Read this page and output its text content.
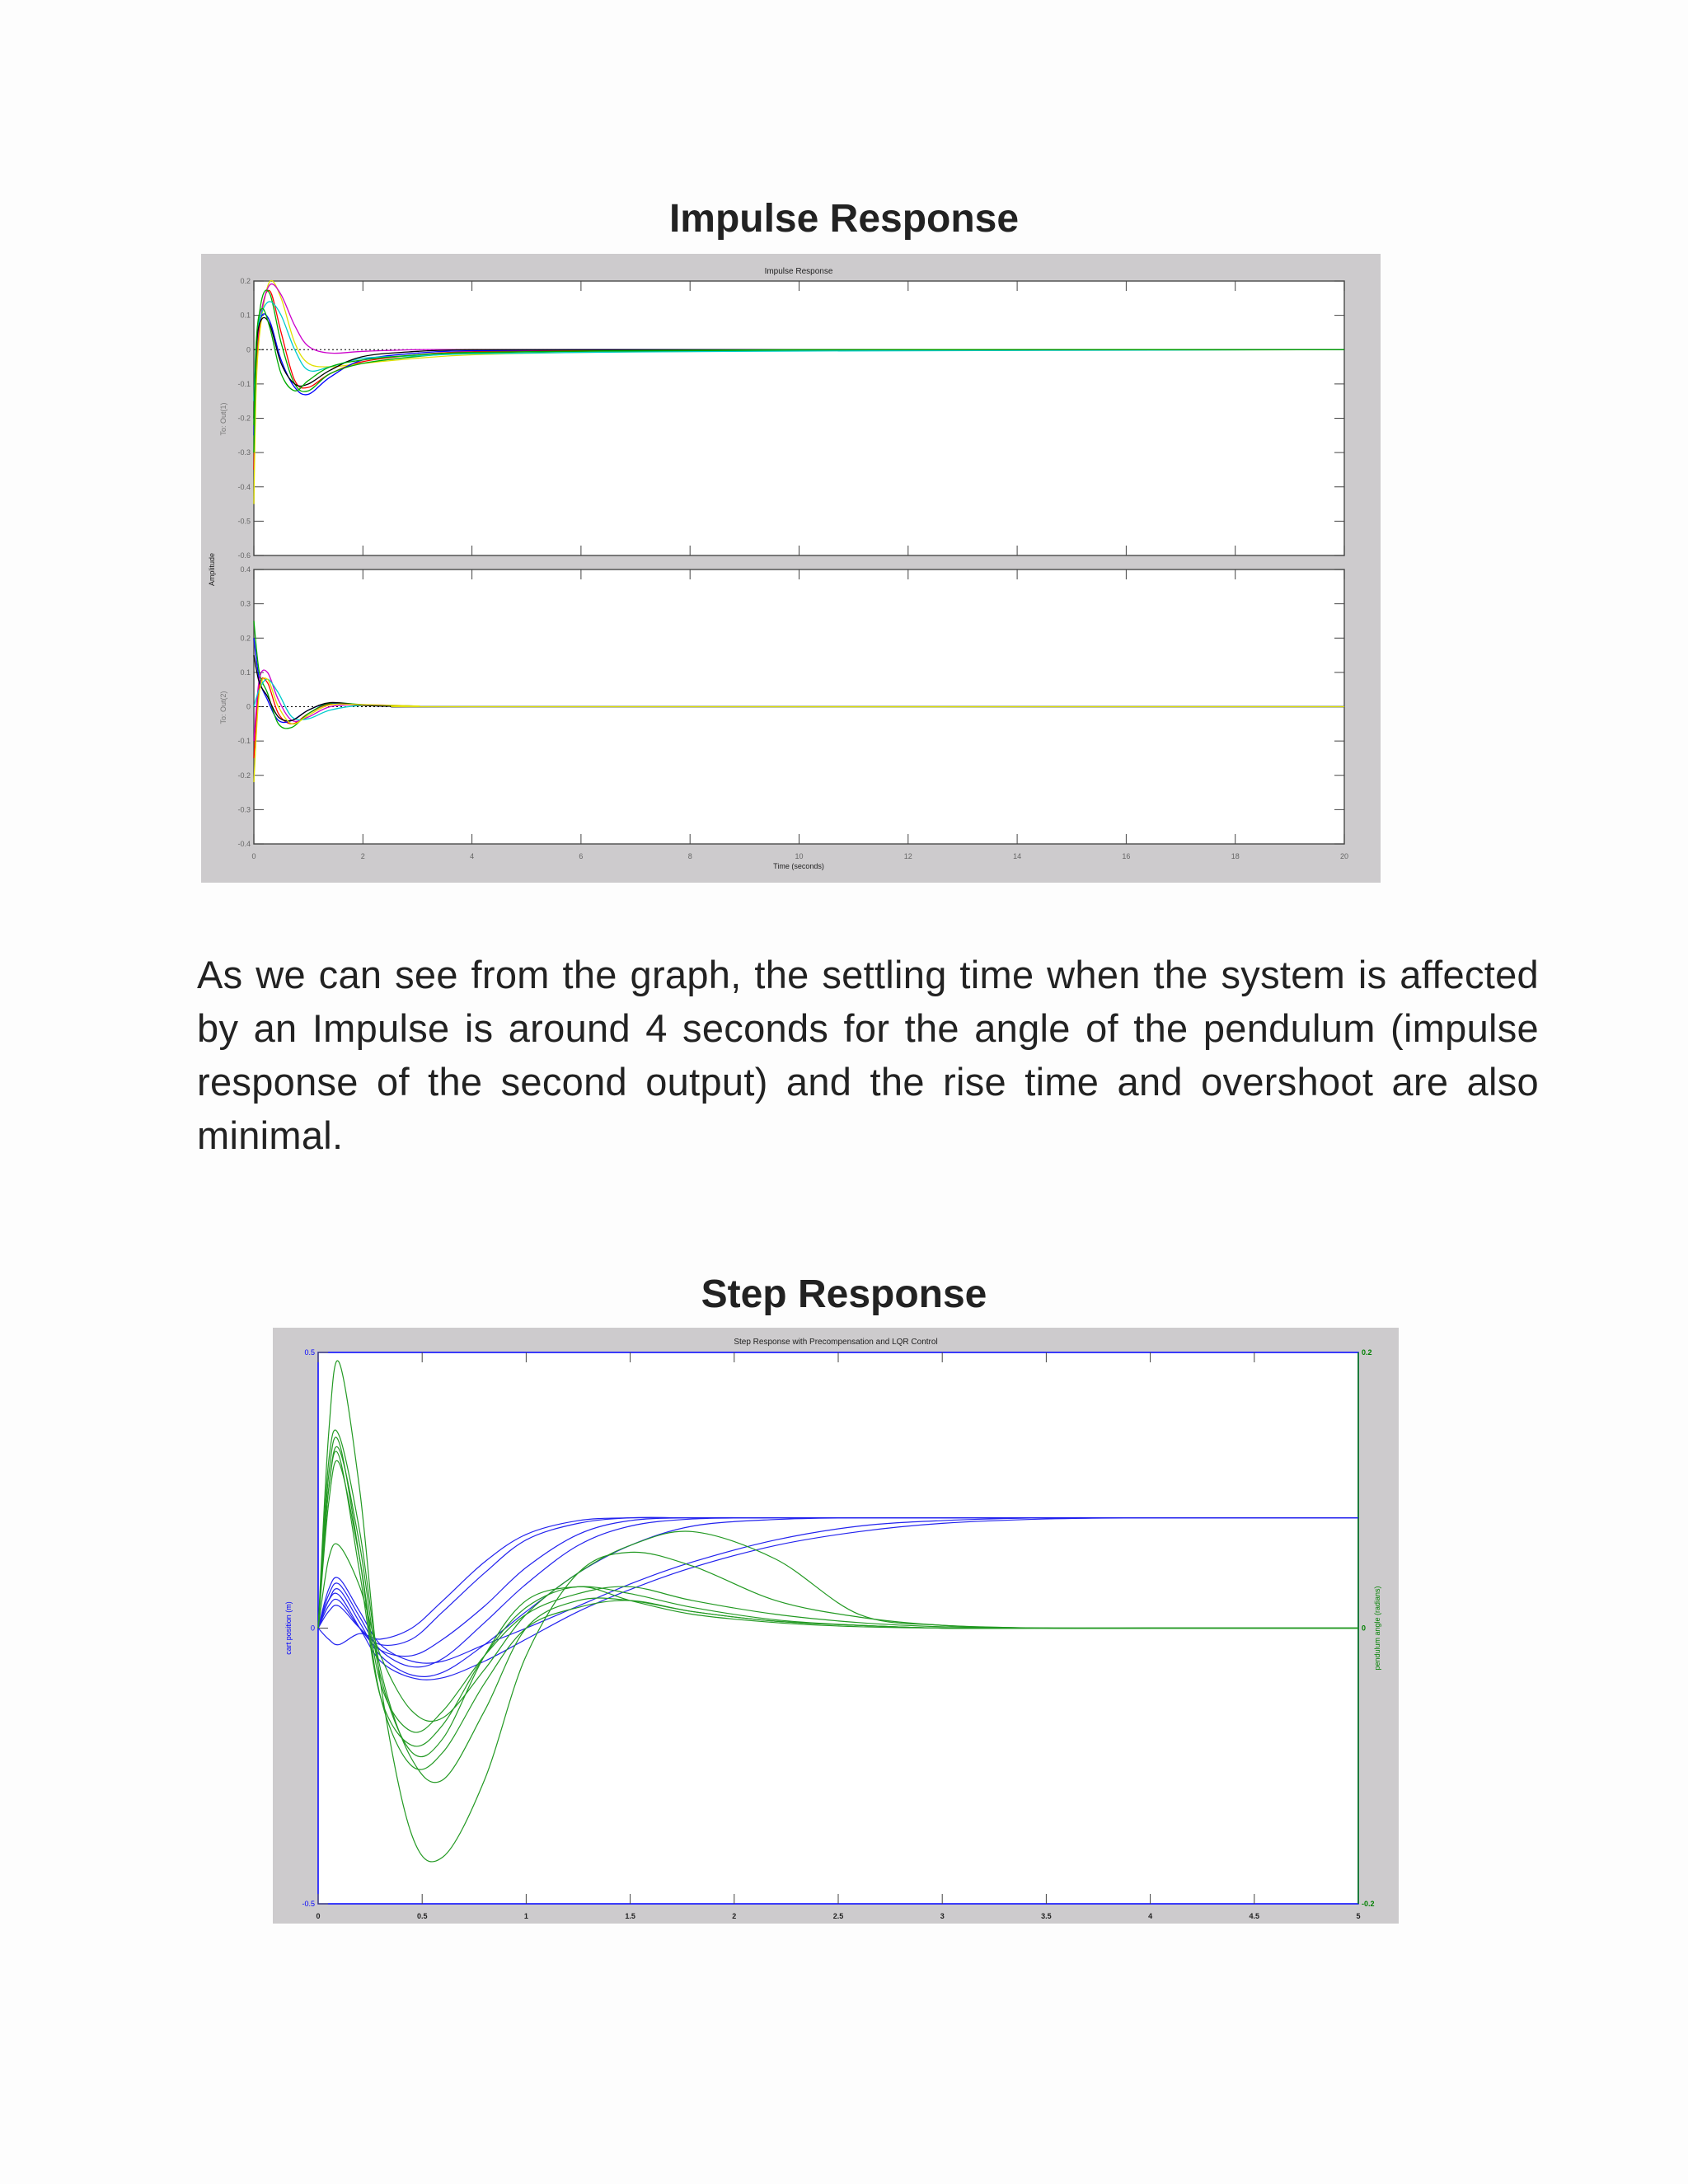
Impulse Response
Impulse Response
0.2
0.1
0
-0.1
-0.2
-0.3
-0.4
-0.5
-0.6
To: Out(1)
0	2	4	6	8	10	12	14	16	18	20
0.4
0.3
0.2
0.1
0
-0.1
-0.2
-0.3
-0.4
To: Out(2)
Amplitude
Time (seconds)
As we can see from the graph, the settling time when the system is affected by an Impulse is around 4 seconds for the angle of the pendulum (impulse response of the second output) and the rise time and overshoot are also minimal.
Step Response
Step Response with Precompensation and LQR Control
0	0.5	1	1.5	2	2.5	3	3.5	4	4.5	5
0.5
0
-0.5
0.2
0
-0.2
cart position (m)	pendulum angle (radians)
